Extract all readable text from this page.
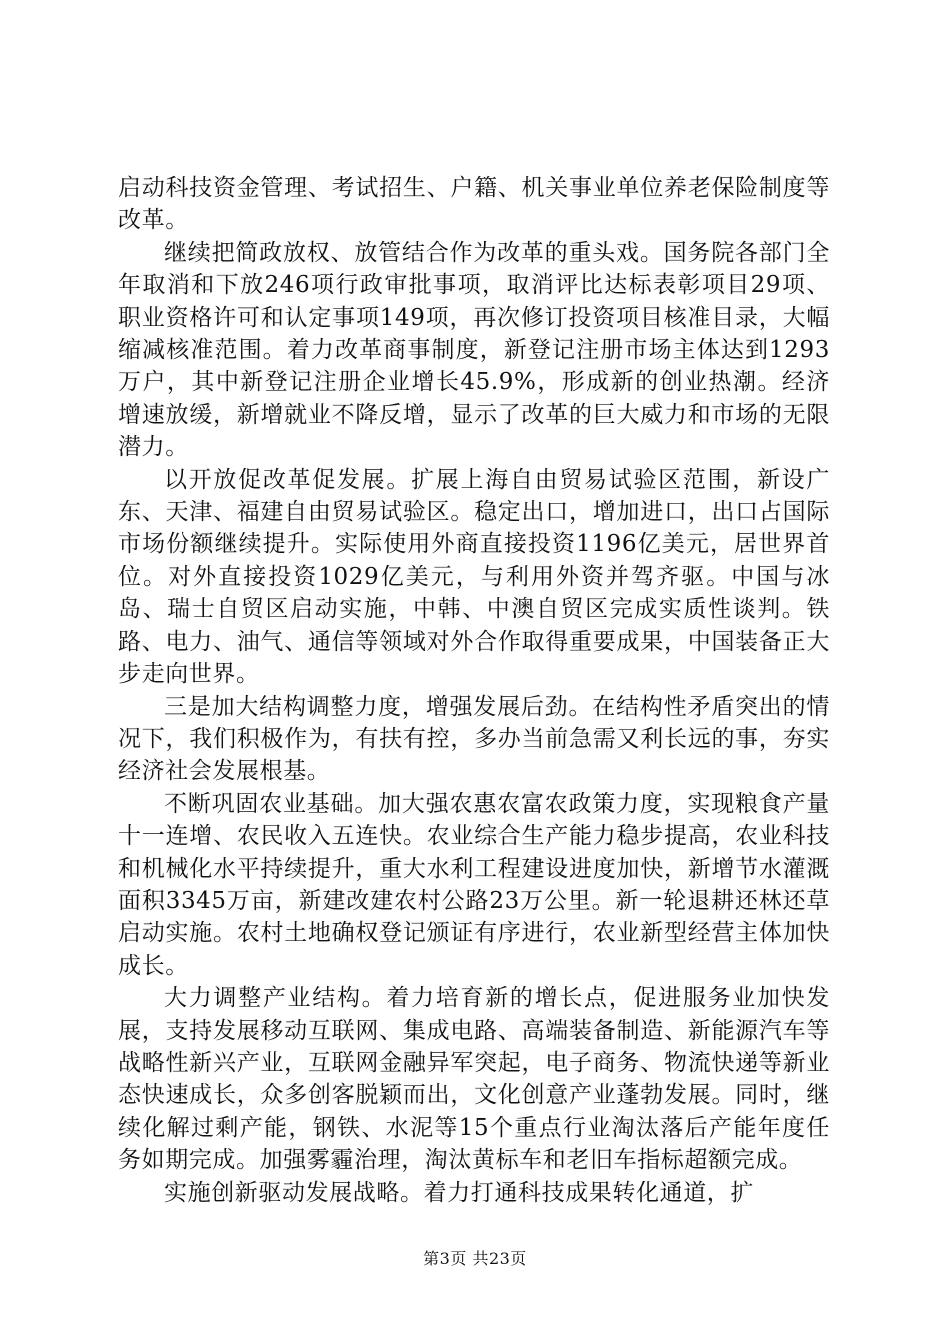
启动科技资金管理、考试招生、户籍、机关事业单位养老保险制度等改革。

继续把简政放权、放管结合作为改革的重头戏。国务院各部门全年取消和下放246项行政审批事项，取消评比达标表彰项目29项、职业资格许可和认定事项149项，再次修订投资项目核准目录，大幅缩减核准范围。着力改革商事制度，新登记注册市场主体达到1293万户，其中新登记注册企业增长45.9%，形成新的创业热潮。经济增速放缓，新增就业不降反增，显示了改革的巨大威力和市场的无限潜力。

以开放促改革促发展。扩展上海自由贸易试验区范围，新设广东、天津、福建自由贸易试验区。稳定出口，增加进口，出口占国际市场份额继续提升。实际使用外商直接投资1196亿美元，居世界首位。对外直接投资1029亿美元，与利用外资并驾齐驱。中国与冰岛、瑞士自贸区启动实施，中韩、中澳自贸区完成实质性谈判。铁路、电力、油气、通信等领域对外合作取得重要成果，中国装备正大步走向世界。

三是加大结构调整力度，增强发展后劲。在结构性矛盾突出的情况下，我们积极作为，有扶有控，多办当前急需又利长远的事，夯实经济社会发展根基。

不断巩固农业基础。加大强农惠农富农政策力度，实现粮食产量十一连增、农民收入五连快。农业综合生产能力稳步提高，农业科技和机械化水平持续提升，重大水利工程建设进度加快，新增节水灌溉面积3345万亩，新建改建农村公路23万公里。新一轮退耕还林还草启动实施。农村土地确权登记颁证有序进行，农业新型经营主体加快成长。

大力调整产业结构。着力培育新的增长点，促进服务业加快发展，支持发展移动互联网、集成电路、高端装备制造、新能源汽车等战略性新兴产业，互联网金融异军突起，电子商务、物流快递等新业态快速成长，众多创客脱颖而出，文化创意产业蓬勃发展。同时，继续化解过剩产能，钢铁、水泥等15个重点行业淘汰落后产能年度任务如期完成。加强雾霾治理，淘汰黄标车和老旧车指标超额完成。

实施创新驱动发展战略。着力打通科技成果转化通道，扩

第3页 共23页
